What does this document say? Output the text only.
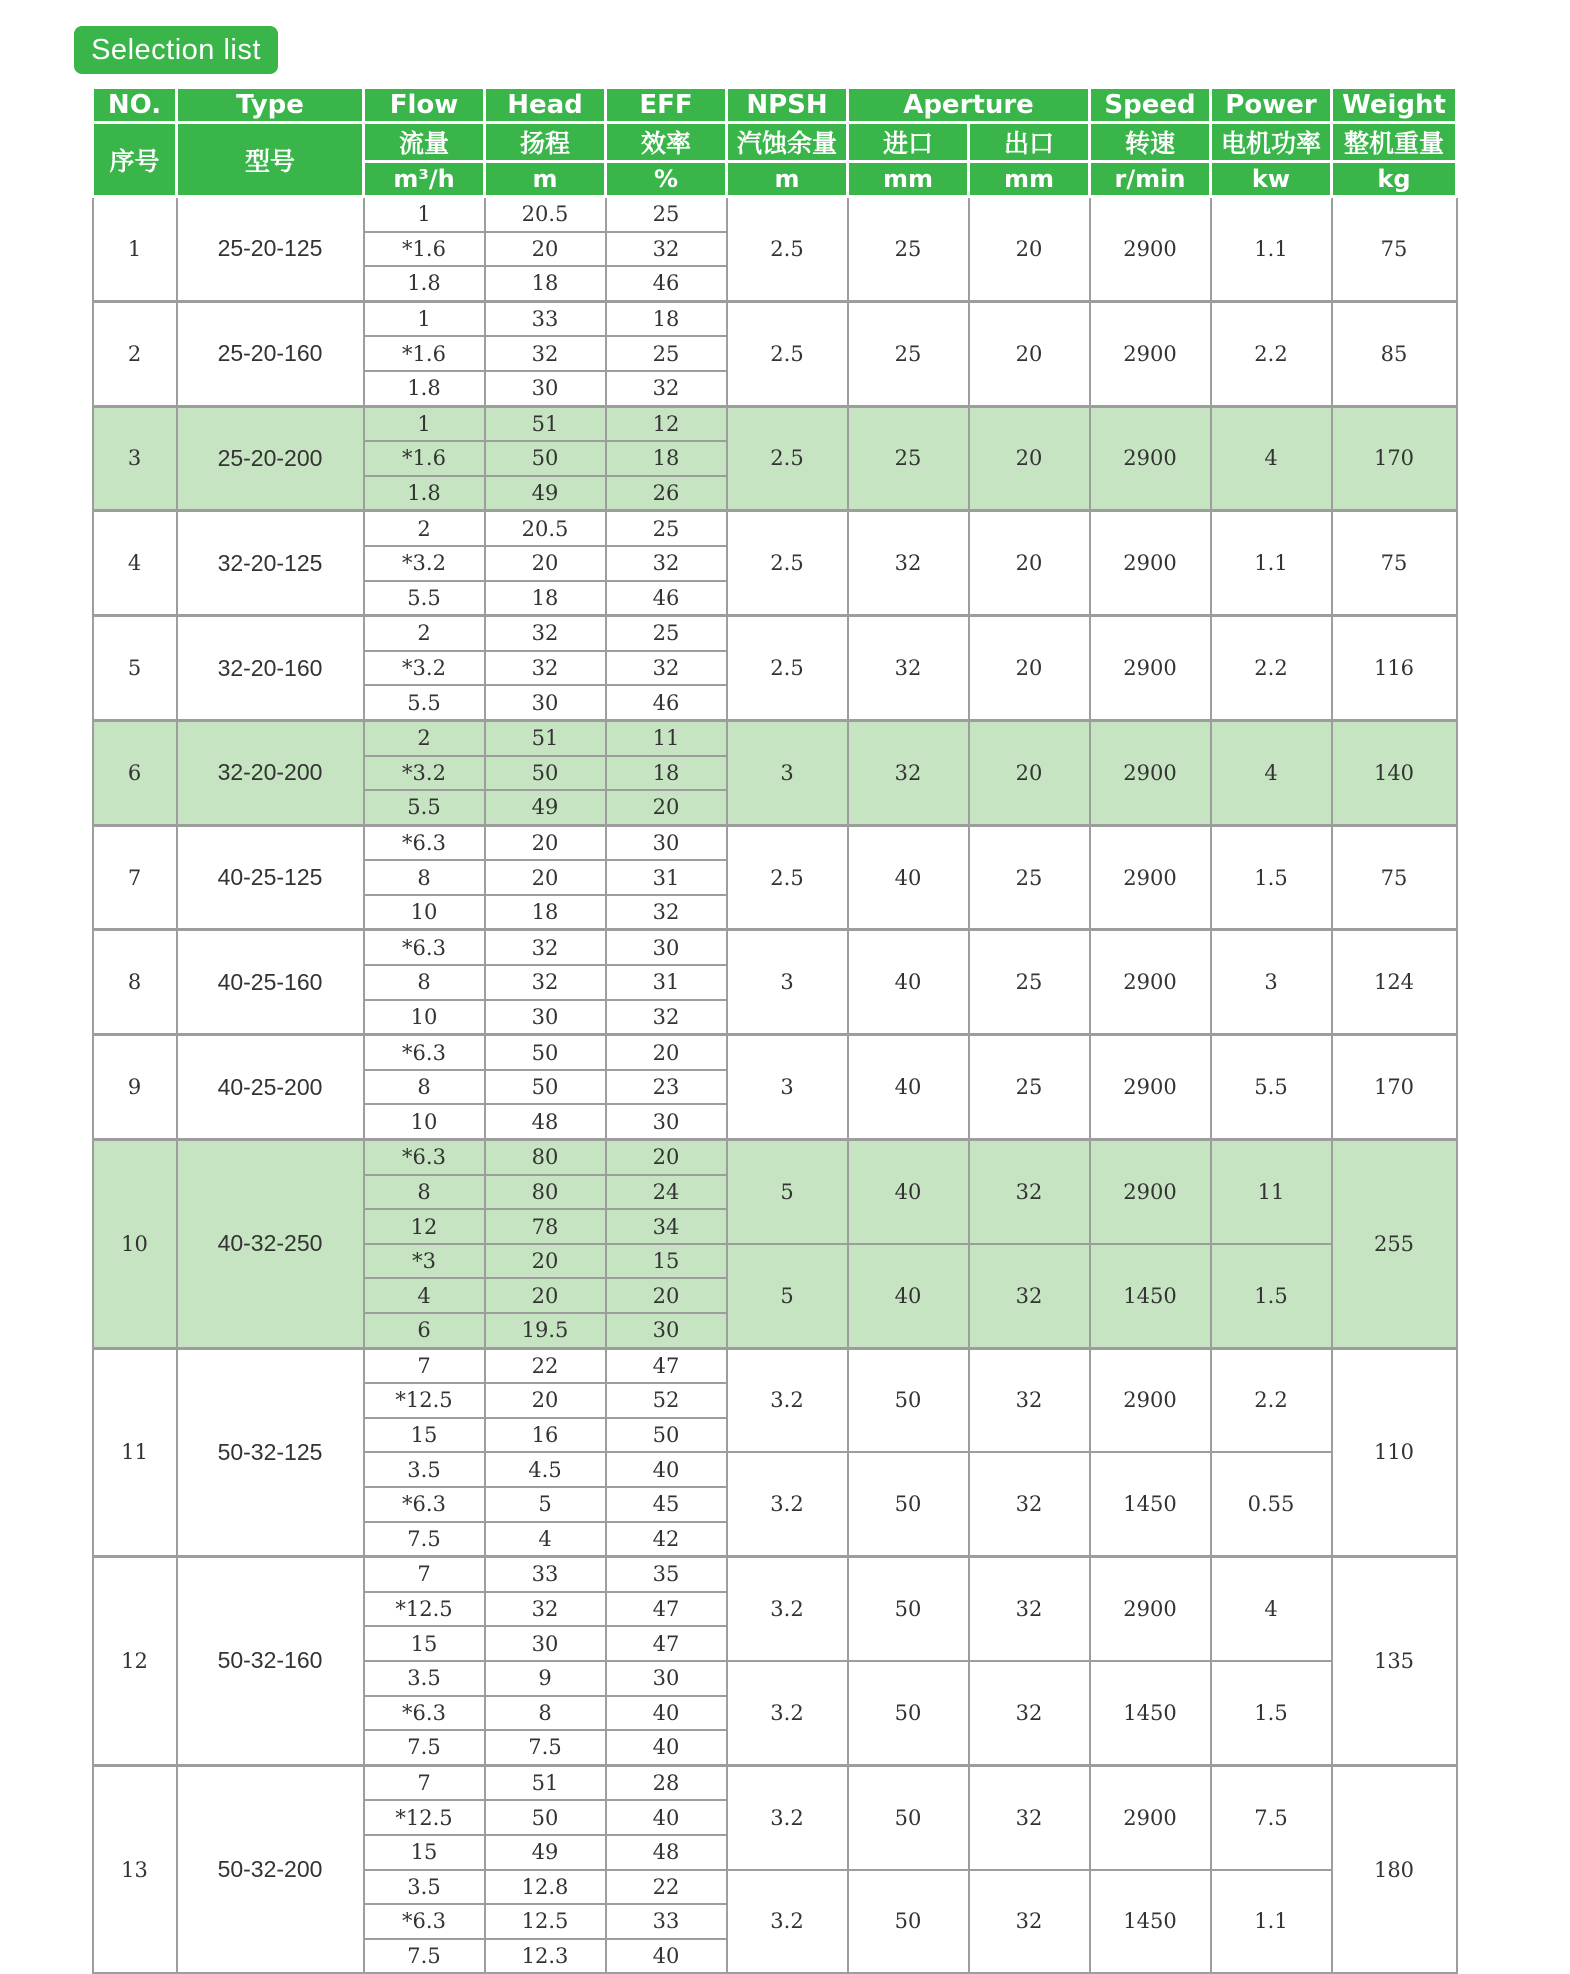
Selection list
NO.	Type	Flow	Head	EFF	NPSH	Aperture		Speed	Power	Weight
序号	型号	流量	扬程	效率	汽蚀余量	进口	出口	转速	电机功率	整机重量
		m³/h	m	%	m	mm	mm	r/min	kw	kg
1	25-20-125	1	20.5	25	2.5	25	20	2900	1.1	75
		*1.6	20	32						
		1.8	18	46						
2	25-20-160	1	33	18	2.5	25	20	2900	2.2	85
		*1.6	32	25						
		1.8	30	32						
3	25-20-200	1	51	12	2.5	25	20	2900	4	170
		*1.6	50	18						
		1.8	49	26						
4	32-20-125	2	20.5	25	2.5	32	20	2900	1.1	75
		*3.2	20	32						
		5.5	18	46						
5	32-20-160	2	32	25	2.5	32	20	2900	2.2	116
		*3.2	32	32						
		5.5	30	46						
6	32-20-200	2	51	11	3	32	20	2900	4	140
		*3.2	50	18						
		5.5	49	20						
7	40-25-125	*6.3	20	30	2.5	40	25	2900	1.5	75
		8	20	31						
		10	18	32						
8	40-25-160	*6.3	32	30	3	40	25	2900	3	124
		8	32	31						
		10	30	32						
9	40-25-200	*6.3	50	20	3	40	25	2900	5.5	170
		8	50	23						
		10	48	30						
10	40-32-250	*6.3	80	20	5	40	32	2900	11	255
		8	80	24						
		12	78	34						
		*3	20	15	5	40	32	1450	1.5	
		4	20	20						
		6	19.5	30						
11	50-32-125	7	22	47	3.2	50	32	2900	2.2	110
		*12.5	20	52						
		15	16	50						
		3.5	4.5	40	3.2	50	32	1450	0.55	
		*6.3	5	45						
		7.5	4	42						
12	50-32-160	7	33	35	3.2	50	32	2900	4	135
		*12.5	32	47						
		15	30	47						
		3.5	9	30	3.2	50	32	1450	1.5	
		*6.3	8	40						
		7.5	7.5	40						
13	50-32-200	7	51	28	3.2	50	32	2900	7.5	180
		*12.5	50	40						
		15	49	48						
		3.5	12.8	22	3.2	50	32	1450	1.1	
		*6.3	12.5	33						
		7.5	12.3	40						
